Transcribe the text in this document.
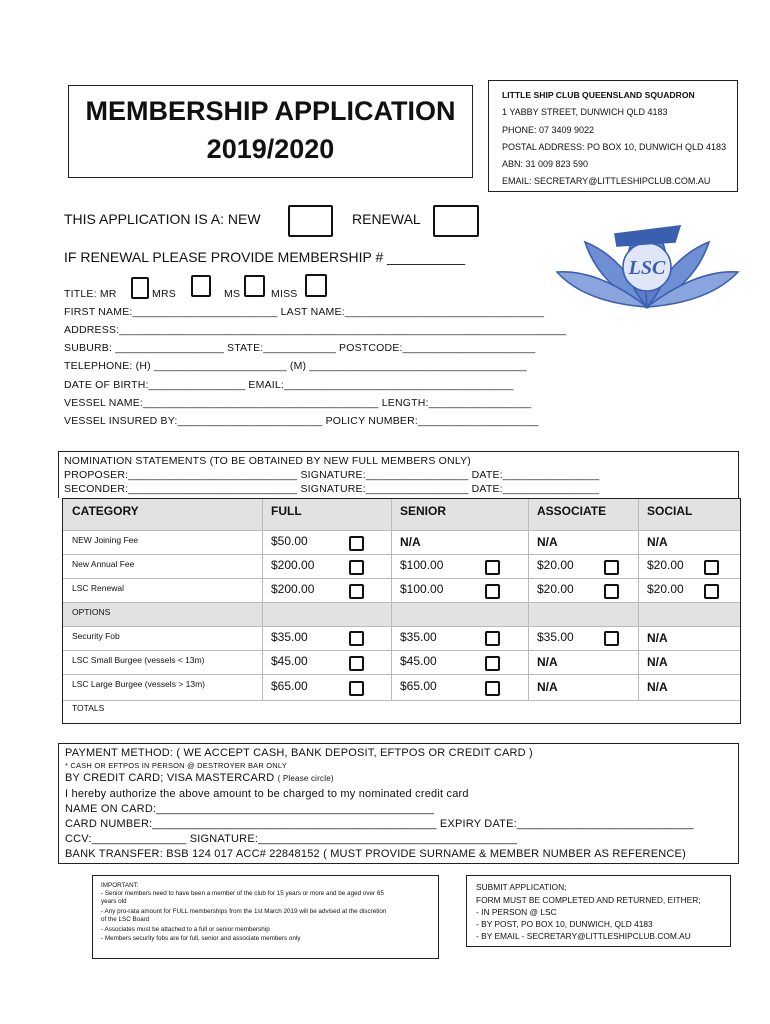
MEMBERSHIP APPLICATION
2019/2020
LITTLE SHIP CLUB QUEENSLAND SQUADRON
1 YABBY STREET, DUNWICH QLD 4183
PHONE: 07 3409 9022
POSTAL ADDRESS: PO BOX 10, DUNWICH QLD 4183
ABN: 31 009 823 590
EMAIL: SECRETARY@LITTLESHIPCLUB.COM.AU
THIS APPLICATION IS A: NEW	RENEWAL
IF RENEWAL PLEASE PROVIDE MEMBERSHIP # __________	LSC
TITLE: MR	MRS	MS	MISS
FIRST NAME:________________________ LAST NAME:_________________________________
ADDRESS:__________________________________________________________________________
SUBURB: __________________ STATE:____________ POSTCODE:______________________
TELEPHONE: (H) ______________________ (M) ____________________________________
DATE OF BIRTH:________________ EMAIL:______________________________________
VESSEL NAME:_______________________________________ LENGTH:_________________
VESSEL INSURED BY:________________________ POLICY NUMBER:____________________
NOMINATION STATEMENTS (TO BE OBTAINED BY NEW FULL MEMBERS ONLY)
PROPOSER:____________________________ SIGNATURE:_________________ DATE:________________
SECONDER:____________________________ SIGNATURE:_________________ DATE:________________
CATEGORY	FULL	SENIOR	ASSOCIATE	SOCIAL
NEW Joining Fee	$50.00	N/A	N/A	N/A
New Annual Fee	$200.00	$100.00	$20.00	$20.00
LSC Renewal	$200.00	$100.00	$20.00	$20.00
OPTIONS
Security Fob	$35.00	$35.00	$35.00	N/A
LSC Small Burgee (vessels < 13m)	$45.00	$45.00	N/A	N/A
LSC Large Burgee (vessels > 13m)	$65.00	$65.00	N/A	N/A
TOTALS
PAYMENT METHOD: ( WE ACCEPT CASH, BANK DEPOSIT, EFTPOS OR CREDIT CARD )
* CASH OR EFTPOS IN PERSON @ DESTROYER BAR ONLY
BY CREDIT CARD; VISA MASTERCARD ( Please circle)
I hereby authorize the above amount to be charged to my nominated credit card
NAME ON CARD:____________________________________________
CARD NUMBER:_____________________________________________ EXPIRY DATE:____________________________
CCV:_______________ SIGNATURE:_________________________________________
BANK TRANSFER: BSB 124 017 ACC# 22848152 ( MUST PROVIDE SURNAME & MEMBER NUMBER AS REFERENCE)
IMPORTANT:
- Senior members need to have been a member of the club for 15 years or more and be aged over 65
years old
- Any pro-rata amount for FULL memberships from the 1st March 2019 will be advised at the discretion
of the LSC Board
- Associates must be attached to a full or senior membership
- Members security fobs are for full, senior and associate members only
SUBMIT APPLICATION;
FORM MUST BE COMPLETED AND RETURNED, EITHER;
- IN PERSON @ LSC
- BY POST, PO BOX 10, DUNWICH, QLD 4183
- BY EMAIL - SECRETARY@LITTLESHIPCLUB.COM.AU
